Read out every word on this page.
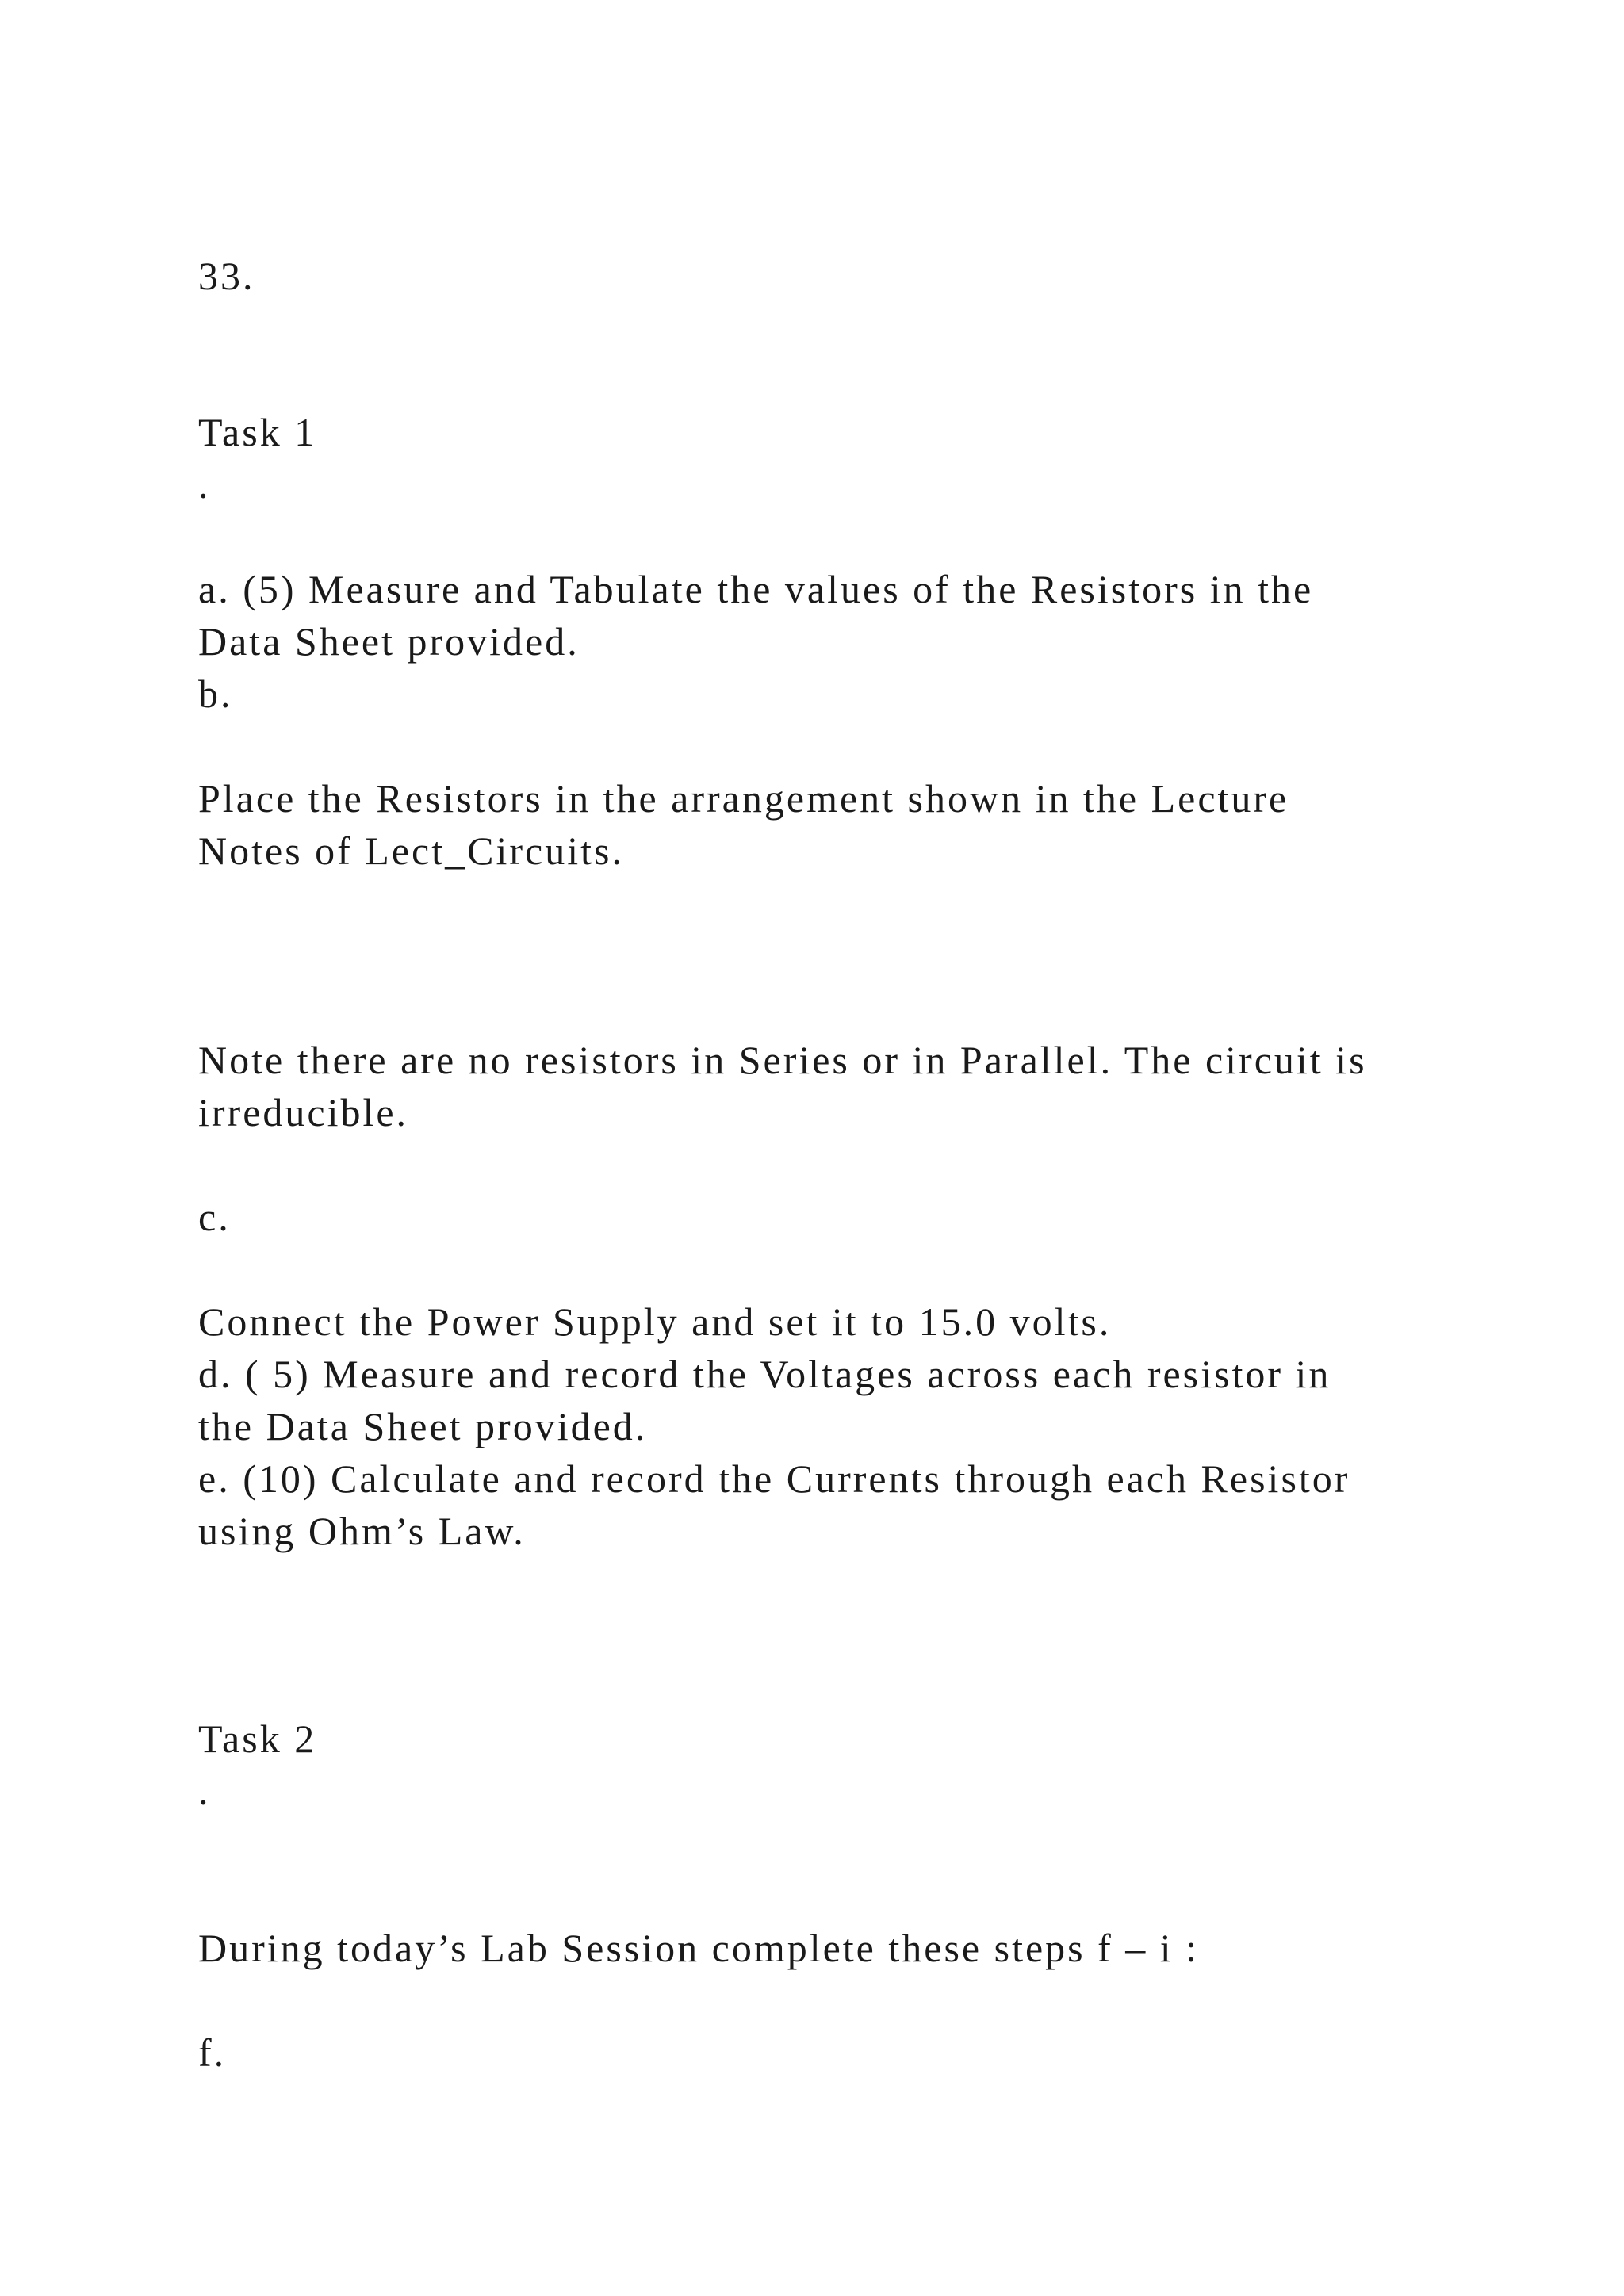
33.
Task 1
.
a. (5) Measure and Tabulate the values of the Resistors in the
Data Sheet provided.
b.
Place the Resistors in the arrangement shown in the Lecture
Notes of Lect_Circuits.
Note there are no resistors in Series or in Parallel. The circuit is
irreducible.
c.
Connect the Power Supply and set it to 15.0 volts.
d. ( 5) Measure and record the Voltages across each resistor in
the Data Sheet provided.
e. (10) Calculate and record the Currents through each Resistor
using Ohm’s Law.
Task 2
.
During today’s Lab Session complete these steps f – i :
f.
